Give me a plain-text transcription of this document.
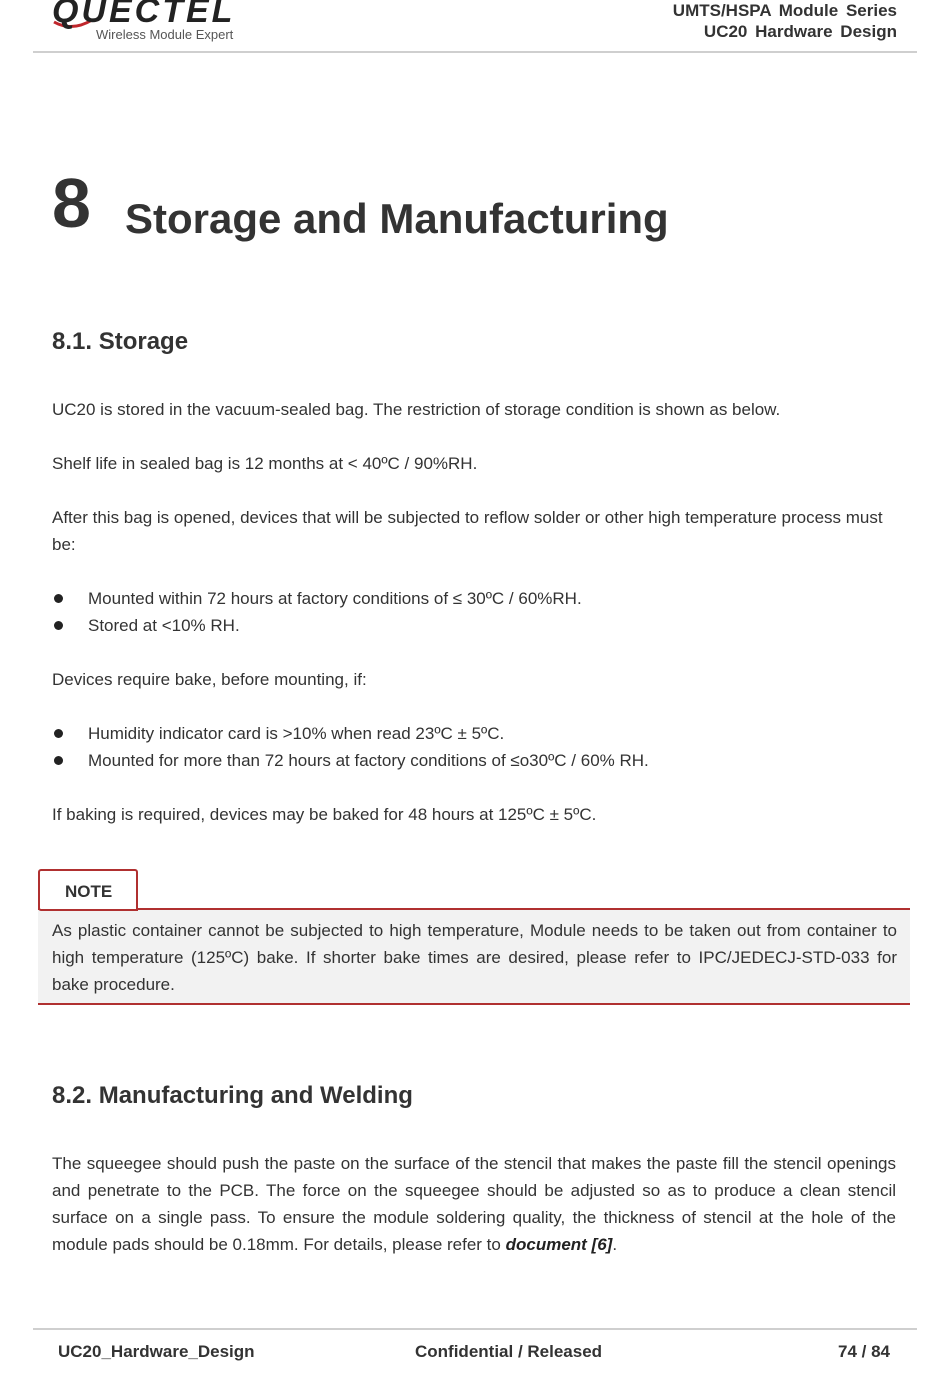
QUECTEL
Wireless Module Expert
UMTS/HSPA Module Series
UC20 Hardware Design
8 Storage and Manufacturing
8.1. Storage
UC20 is stored in the vacuum-sealed bag. The restriction of storage condition is shown as below.
Shelf life in sealed bag is 12 months at < 40ºC / 90%RH.
After this bag is opened, devices that will be subjected to reflow solder or other high temperature process must be:
Mounted within 72 hours at factory conditions of ≤ 30ºC / 60%RH.
Stored at <10% RH.
Devices require bake, before mounting, if:
Humidity indicator card is >10% when read 23ºC ± 5ºC.
Mounted for more than 72 hours at factory conditions of ≤o30ºC / 60% RH.
If baking is required, devices may be baked for 48 hours at 125ºC ± 5ºC.
NOTE
As plastic container cannot be subjected to high temperature, Module needs to be taken out from container to high temperature (125ºC) bake. If shorter bake times are desired, please refer to IPC/JEDECJ-STD-033 for bake procedure.
8.2. Manufacturing and Welding
The squeegee should push the paste on the surface of the stencil that makes the paste fill the stencil openings and penetrate to the PCB. The force on the squeegee should be adjusted so as to produce a clean stencil surface on a single pass. To ensure the module soldering quality, the thickness of stencil at the hole of the module pads should be 0.18mm. For details, please refer to document [6].
UC20_Hardware_Design	Confidential / Released	74 / 84
